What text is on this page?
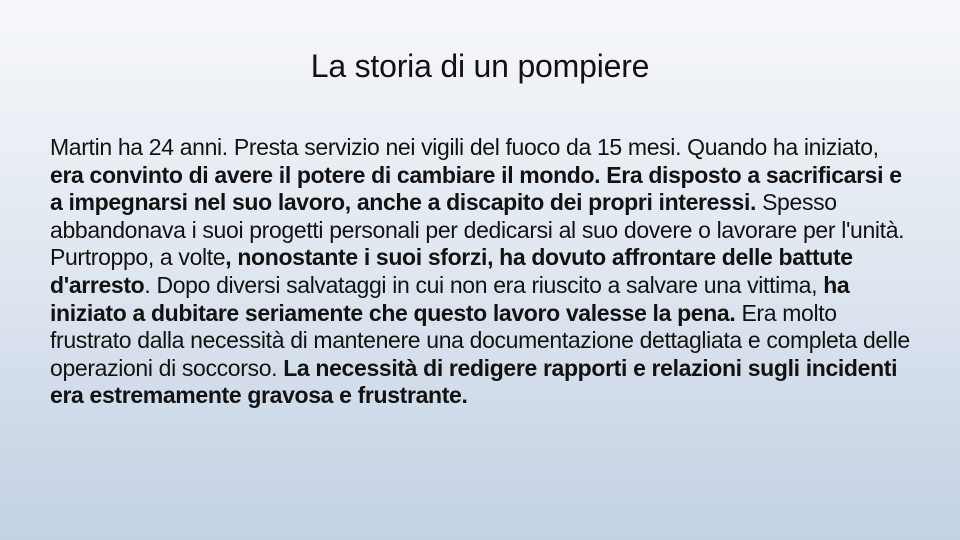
La storia di un pompiere

Martin ha 24 anni. Presta servizio nei vigili del fuoco da 15 mesi. Quando ha iniziato, era convinto di avere il potere di cambiare il mondo. Era disposto a sacrificarsi e a impegnarsi nel suo lavoro, anche a discapito dei propri interessi. Spesso abbandonava i suoi progetti personali per dedicarsi al suo dovere o lavorare per l'unità. Purtroppo, a volte, nonostante i suoi sforzi, ha dovuto affrontare delle battute d'arresto. Dopo diversi salvataggi in cui non era riuscito a salvare una vittima, ha iniziato a dubitare seriamente che questo lavoro valesse la pena. Era molto frustrato dalla necessità di mantenere una documentazione dettagliata e completa delle operazioni di soccorso. La necessità di redigere rapporti e relazioni sugli incidenti era estremamente gravosa e frustrante.
